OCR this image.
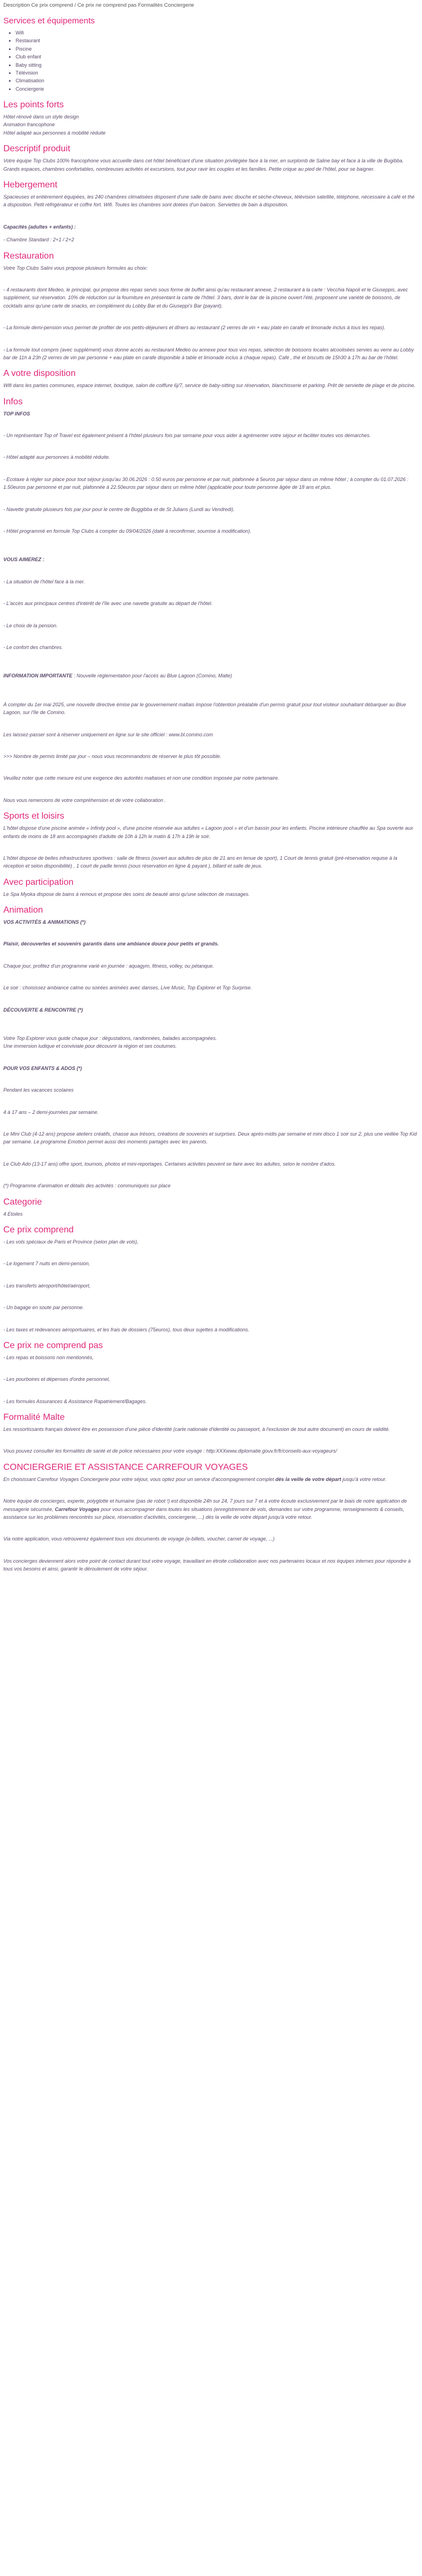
Description Ce prix comprend / Ce prix ne comprend pas Formalités Conciergerie
Services et équipements
• Wifi
• Restaurant
• Piscine
• Club enfant
• Baby sitting
• Télévision
• Climatisation
• Conciergerie
Les points forts
Hôtel rénové dans un style design
Animation francophone
Hôtel adapté aux personnes à mobilité réduite
Descriptif produit

Votre équipe Top Clubs 100% francophone vous accueille dans cet hôtel bénéficiant d'une situation privilégiée face à la mer, en surplomb de Saline bay et face à la ville de Bugibba. Grands espaces, chambres confortables, nombreuses activités et excursions, tout pour ravir les couples et les familles. Petite crique au pied de l'hôtel, pour se baigner.

Hebergement

Spacieuses et entièrement équipées, les 240 chambres climatisées disposent d'une salle de bains avec douche et sèche-cheveux, télévision satellite, téléphone, nécessaire à café et thé à disposition. Petit réfrigérateur et coffre fort. Wifi. Toutes les chambres sont dotées d'un balcon. Serviettes de bain à disposition.

Capacités (adultes + enfants) :

- Chambre Standard : 2+1 / 2+2

Restauration

Votre Top Clubs Salini vous propose plusieurs formules au choix:

- 4 restaurants dont Medeo, le principal, qui propose des repas servis sous forme de buffet ainsi qu'au restaurant annexe, 2 restaurant à la carte : Vecchia Napoli et le Giuseppis, avec supplément, sur réservation. 10% de réduction sur la fourniture en présentant la carte de l'hôtel. 3 bars, dont le bar de la piscine ouvert l'été, proposent une variété de boissons, de cocktails ainsi qu'une carte de snacks, en complément du Lobby Bar et du Giuseppi's Bar (payant).

- La formule demi-pension vous permet de profiter de vos petits-déjeuners et dîners au restaurant (2 verres de vin + eau plate en carafe et limonade inclus à tous les repas).

- La formule tout compris (avec supplément) vous donne accès au restaurant Medeo ou annexe pour tous vos repas, sélection de boissons locales alcoolisées servies au verre au Lobby bar de 11h à 23h (2 verres de vin par personne + eau plate en carafe disponible à table et limonade inclus à chaque repas). Café , thé et biscuits de 15h30 à 17h au bar de l'hôtel.

A votre disposition

Wifi dans les parties communes, espace internet, boutique, salon de coiffure 6j/7, service de baby-sitting sur réservation, blanchisserie et parking. Prêt de serviette de plage et de piscine.

Infos

TOP INFOS

- Un représentant Top of Travel est également présent à l'hôtel plusieurs fois par semaine pour vous aider à agrémenter votre séjour et faciliter toutes vos démarches.

- Hôtel adapté aux personnes à mobilité réduite.

- Ecotaxe à régler sur place pour tout séjour jusqu'au 30.06.2026 : 0.50 euros par personne et par nuit, plafonnée à 5euros par séjour dans un même hôtel ; à compter du 01.07.2026 : 1.50euros par personne et par nuit, plafonnée à 22.50euros par séjour dans un même hôtel (applicable pour toute personne âgée de 18 ans et plus.

- Navette gratuite plusieurs fois par jour pour le centre de Buggibba et de St Julians (Lundi au Vendredi).

- Hôtel programmé en formule Top Clubs à compter du 09/04/2026 (daté à reconfirmer, soumise à modification).

VOUS AIMEREZ :

- La situation de l'hôtel face à la mer.

- L'accès aux principaux centres d'intérêt de l'île avec une navette gratuite au départ de l'hôtel.

- Le choix de la pension.

- Le confort des chambres.

INFORMATION IMPORTANTE : Nouvelle réglementation pour l'accès au Blue Lagoon (Comino, Malte)

À compter du 1er mai 2025, une nouvelle directive émise par le gouvernement maltais impose l'obtention préalable d'un permis gratuit pour tout visiteur souhaitant débarquer au Blue Lagoon, sur l'île de Comino.

Les laissez-passer sont à réserver uniquement en ligne sur le site officiel : www.bl.comino.com

>>> Nombre de permis limité par jour – nous vous recommandons de réserver le plus tôt possible.

Veuillez noter que cette mesure est une exigence des autorités maltaises et non une condition imposée par notre partenaire.

Nous vous remercions de votre compréhension et de votre collaboration .

Sports et loisirs

L'hôtel dispose d'une piscine animée « Infinity pool », d'une piscine réservée aux adultes « Lagoon pool » et d'un bassin pour les enfants. Piscine intérieure chauffée au Spa ouverte aux enfants de moins de 18 ans accompagnés d'adulte de 10h à 12h le matin & 17h à 19h le soir.

L'hôtel dispose de belles infrastructures sportives : salle de fitness (ouvert aux adultes de plus de 21 ans en tenue de sport), 1 Court de tennis gratuit (pré-réservation requise à la réception et selon disponibilité) , 1 court de padle tennis (sous réservation en ligne & payant ), billard et salle de jeux.

Avec participation

Le Spa Myoka dispose de bains à remous et propose des soins de beauté ainsi qu'une sélection de massages.

Animation

VOS ACTIVITÉS & ANIMATIONS (*)

Plaisir, découvertes et souvenirs garantis dans une ambiance douce pour petits et grands.

Chaque jour, profitez d'un programme varié en journée : aquagym, fitness, volley, ou pétanque.

Le soir : choisissez ambiance calme ou soirées animées avec danses, Live Music, Top Explorer et Top Surprise.

DÉCOUVERTE & RENCONTRE (*)

Votre Top Explorer vous guide chaque jour : dégustations, randonnées, balades accompagnées.

Une immersion ludique et conviviale pour découvrir la région et ses coutumes.

POUR VOS ENFANTS & ADOS (*)

Pendant les vacances scolaires

4 à 17 ans – 2 demi-journées par semaine.

Le Mini Club (4-12 ans) propose ateliers créatifs, chasse aux trésors, créations de souvenirs et surprises. Deux après-midis par semaine et mini disco 1 soir sur 2, plus une veillée Top Kid par semaine. Le programme Emotion permet aussi des moments partagés avec les parents.

Le Club Ado (13-17 ans) offre sport, tournois, photos et mini-reportages. Certaines activités peuvent se faire avec les adultes, selon le nombre d'ados.

(*) Programme d'animation et détails des activités : communiqués sur place

Categorie

4 Etoiles

Ce prix comprend

- Les vols spéciaux de Paris et Province (selon plan de vols),

- Le logement 7 nuits en demi-pension,

- Les transferts aéroport/hôtel/aéroport,

- Un bagage en soute par personne.

- Les taxes et redevances aéroportuaires, et les frais de dossiers (75euros), tous deux sujettes à modifications.

Ce prix ne comprend pas

- Les repas et boissons non mentionnés,

- Les pourboires et dépenses d'ordre personnel,

- Les formules Assurances & Assistance Rapatriement/Bagages.

Formalité Malte

Les ressortissants français doivent être en possession d'une pièce d'identité (carte nationale d'identité ou passeport, à l'exclusion de tout autre document) en cours de validité.

Vous pouvez consulter les formalités de santé et de police nécessaires pour votre voyage : http:XXXwww.diplomatie.gouv.fr/fr/conseils-aux-voyageurs/

CONCIERGERIE ET ASSISTANCE CARREFOUR VOYAGES

En choisissant Carrefour Voyages Conciergerie pour votre séjour, vous optez pour un service d'accompagnement complet dès la veille de votre départ jusqu'à votre retour.

Notre équipe de concierges, experte, polyglotte et humaine (pas de robot !) est disponible 24h sur 24, 7 jours sur 7 et à votre écoute exclusivement par le biais de notre application de messagerie sécurisée, Carrefour Voyages pour vous accompagner dans toutes les situations (enregistrement de vols, demandes sur votre programme, renseignements & conseils, assistance sur les problèmes rencontrés sur place, réservation d'activités, conciergerie, ...) dès la veille de votre départ jusqu'à votre retour.

Via notre application, vous retrouverez également tous vos documents de voyage (e-billets, voucher, carnet de voyage, ...)

Vos concierges deviennent alors votre point de contact durant tout votre voyage, travaillant en étroite collaboration avec nos partenaires locaux et nos équipes internes pour répondre à tous vos besoins et ainsi, garantir le déroulement de votre séjour.
